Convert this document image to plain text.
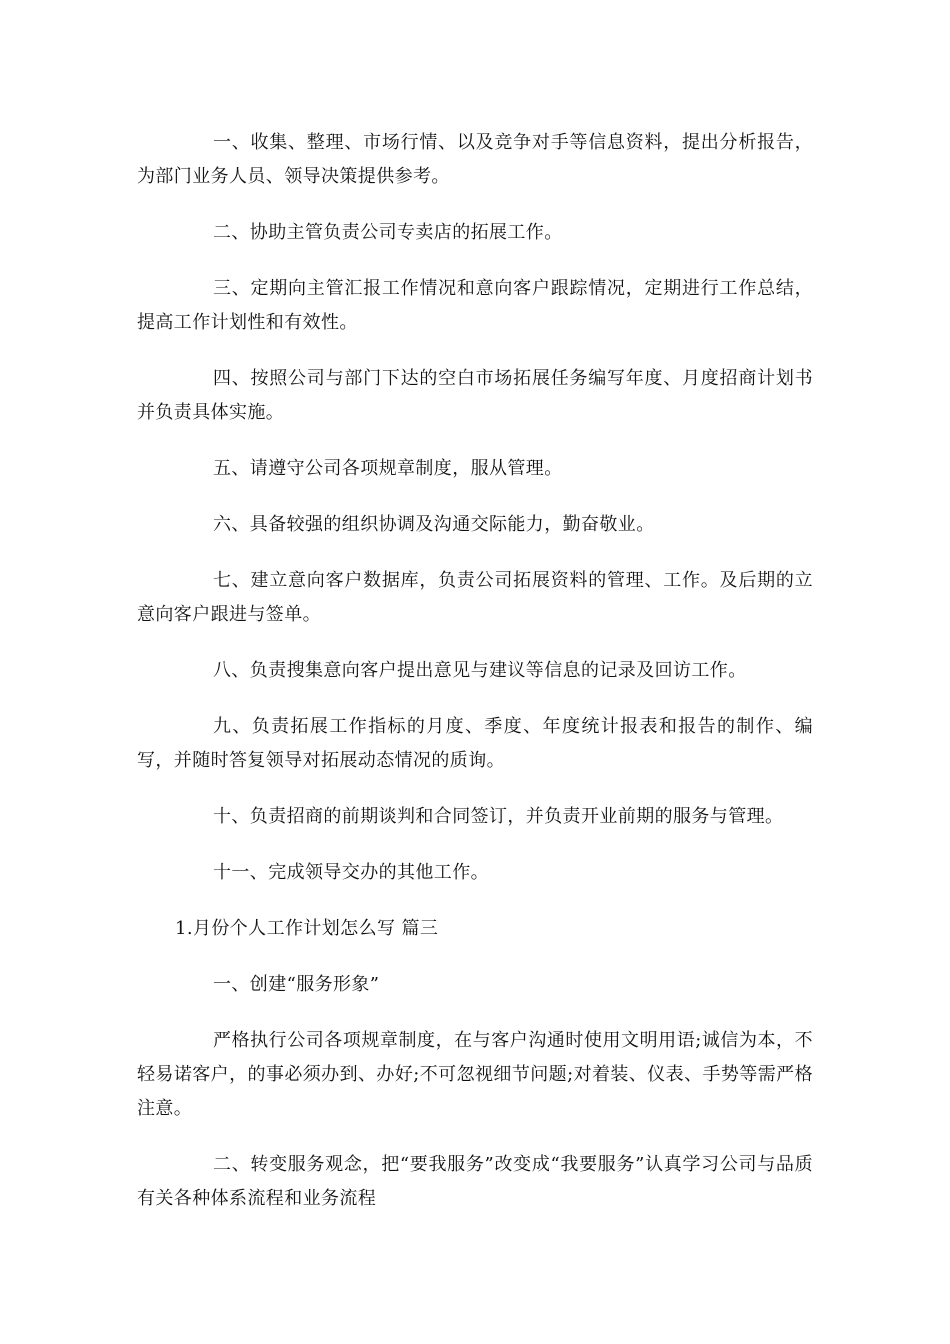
一、收集、整理、市场行情、以及竞争对手等信息资料，提出分析报告，为部门业务人员、领导决策提供参考。

二、协助主管负责公司专卖店的拓展工作。

三、定期向主管汇报工作情况和意向客户跟踪情况，定期进行工作总结，提高工作计划性和有效性。

四、按照公司与部门下达的空白市场拓展任务编写年度、月度招商计划书并负责具体实施。

五、请遵守公司各项规章制度，服从管理。

六、具备较强的组织协调及沟通交际能力，勤奋敬业。

七、建立意向客户数据库，负责公司拓展资料的管理、工作。及后期的立意向客户跟进与签单。

八、负责搜集意向客户提出意见与建议等信息的记录及回访工作。

九、负责拓展工作指标的月度、季度、年度统计报表和报告的制作、编写，并随时答复领导对拓展动态情况的质询。

十、负责招商的前期谈判和合同签订，并负责开业前期的服务与管理。

十一、完成领导交办的其他工作。

1.月份个人工作计划怎么写 篇三

一、创建“服务形象”

严格执行公司各项规章制度，在与客户沟通时使用文明用语;诚信为本，不轻易诺客户，的事必须办到、办好;不可忽视细节问题;对着装、仪表、手势等需严格注意。

二、转变服务观念，把“要我服务”改变成“我要服务”认真学习公司与品质有关各种体系流程和业务流程
